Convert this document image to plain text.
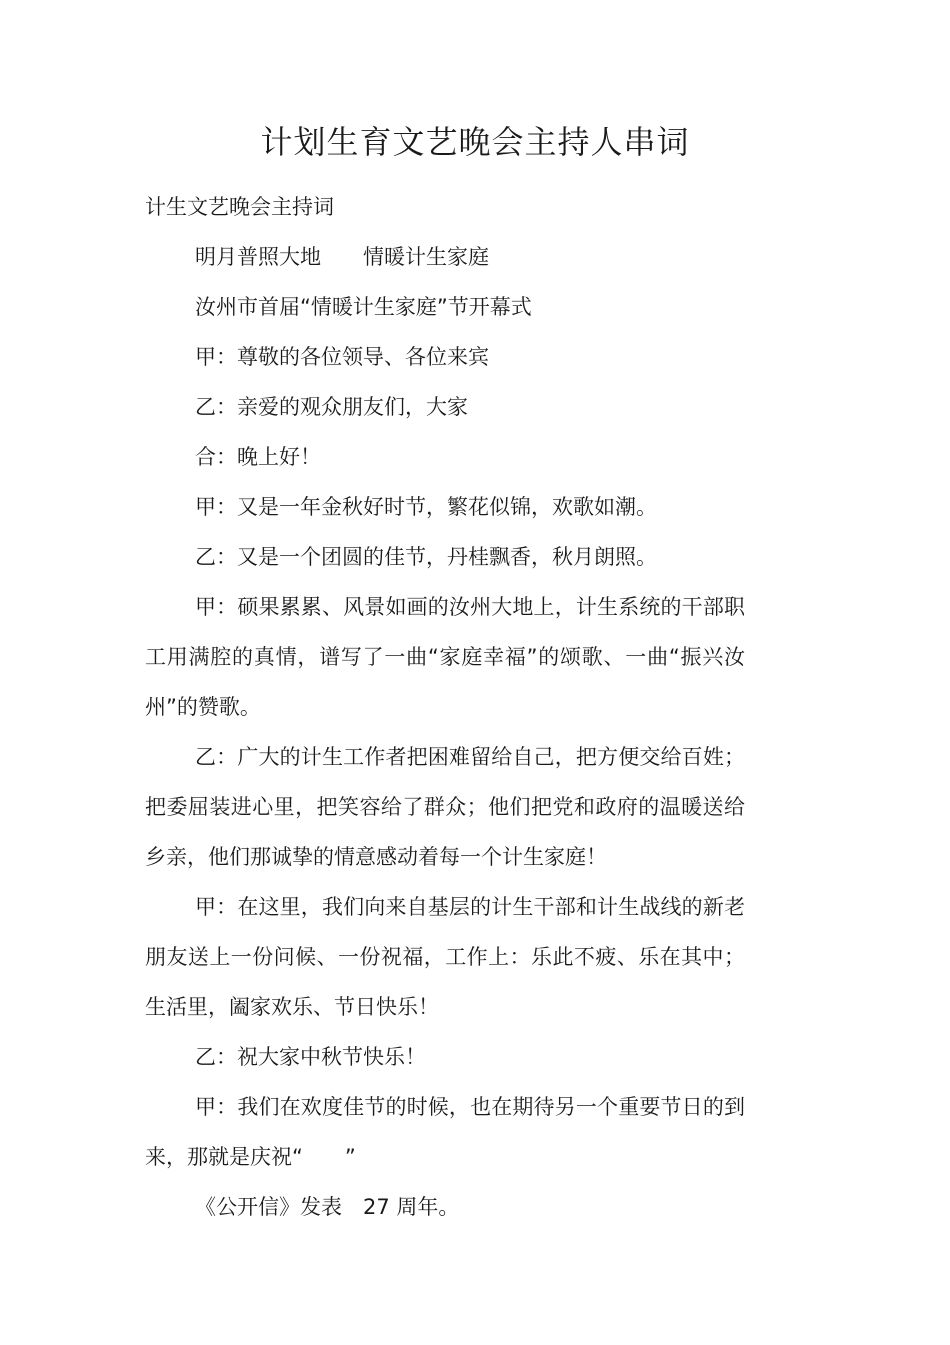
计划生育文艺晚会主持人串词

计生文艺晚会主持词

明月普照大地　　情暖计生家庭

汝州市首届“情暖计生家庭”节开幕式

甲：尊敬的各位领导、各位来宾

乙：亲爱的观众朋友们，大家

合：晚上好！

甲：又是一年金秋好时节，繁花似锦，欢歌如潮。

乙：又是一个团圆的佳节，丹桂飘香，秋月朗照。

甲：硕果累累、风景如画的汝州大地上，计生系统的干部职工用满腔的真情，谱写了一曲“家庭幸福”的颂歌、一曲“振兴汝州”的赞歌。

乙：广大的计生工作者把困难留给自己，把方便交给百姓；把委屈装进心里，把笑容给了群众；他们把党和政府的温暖送给乡亲，他们那诚挚的情意感动着每一个计生家庭！

甲：在这里，我们向来自基层的计生干部和计生战线的新老朋友送上一份问候、一份祝福，工作上：乐此不疲、乐在其中；生活里，阖家欢乐、节日快乐！

乙：祝大家中秋节快乐！

甲：我们在欢度佳节的时候，也在期待另一个重要节日的到来，那就是庆祝“　　”

《公开信》发表　27 周年。
